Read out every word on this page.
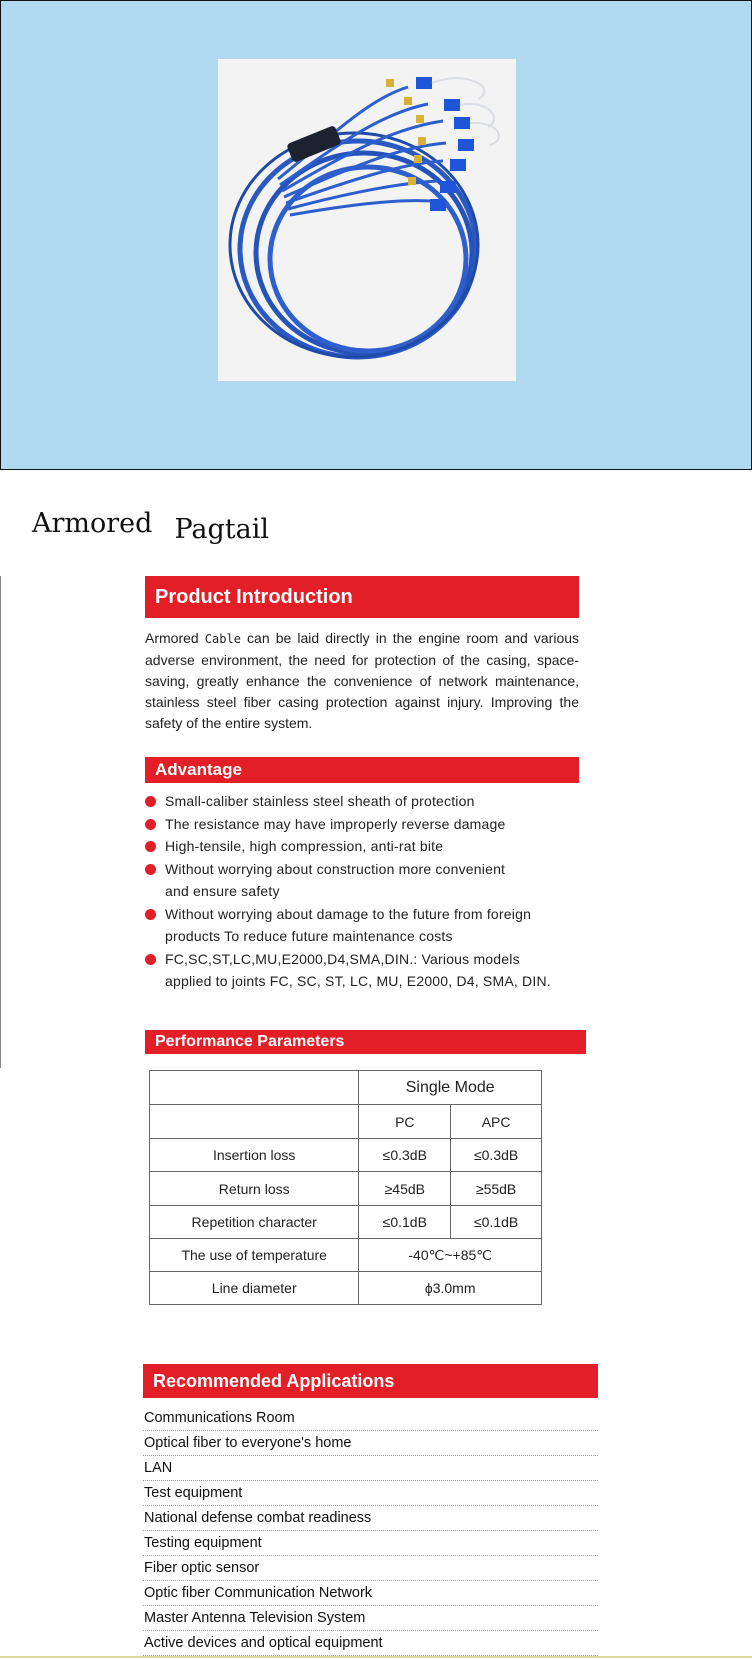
Armored Pagtail
Product Introduction
Armored Cable can be laid directly in the engine room and various adverse environment, the need for protection of the casing, space-saving, greatly enhance the convenience of network maintenance, stainless steel fiber casing protection against injury. Improving the safety of the entire system.
Advantage
Small-caliber stainless steel sheath of protection
The resistance may have improperly reverse damage
High-tensile, high compression, anti-rat bite
Without worrying about construction more convenient
and ensure safety
Without worrying about damage to the future from foreign
products To reduce future maintenance costs
FC,SC,ST,LC,MU,E2000,D4,SMA,DIN.: Various models
applied to joints FC, SC, ST, LC, MU, E2000, D4, SMA, DIN.
Performance Parameters
	Single Mode	
	PC	APC
Insertion loss	≤0.3dB	≤0.3dB
Return loss	≥45dB	≥55dB
Repetition character	≤0.1dB	≤0.1dB
The use of temperature	-40℃~+85℃	
Line diameter	ϕ3.0mm	
Recommended Applications
Communications Room
Optical fiber to everyone's home
LAN
Test equipment
National defense combat readiness
Testing equipment
Fiber optic sensor
Optic fiber Communication Network
Master Antenna Television System
Active devices and optical equipment
